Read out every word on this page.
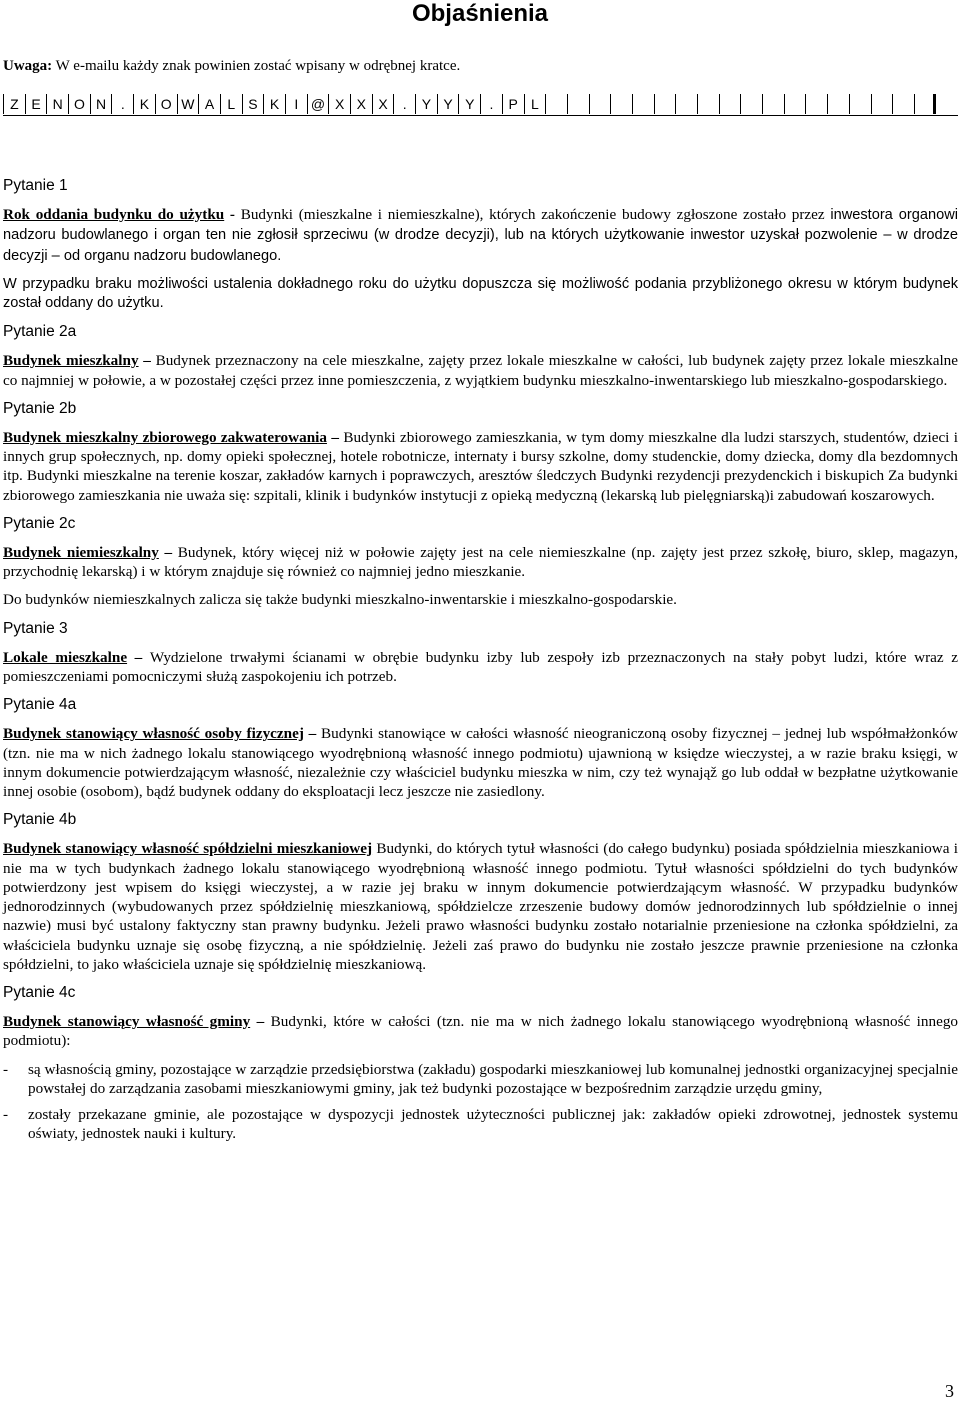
Objaśnienia
Uwaga: W e-mailu każdy znak powinien zostać wpisany w odrębnej kratce.
Z E N O N	.	K O W A L S K	I @ X X X	.	Y Y Y	.	P L

Pytanie 1

Rok oddania budynku do użytku - Budynki (mieszkalne i niemieszkalne), których zakończenie budowy zgłoszone zostało przez inwestora organowi nadzoru budowlanego i organ ten nie zgłosił sprzeciwu (w drodze decyzji), lub na których użytkowanie inwestor uzyskał pozwolenie – w drodze decyzji – od organu nadzoru budowlanego.

W przypadku braku możliwości ustalenia dokładnego roku do użytku dopuszcza się możliwość podania przybliżonego okresu w którym budynek został oddany do użytku.

Pytanie 2a

Budynek mieszkalny – Budynek przeznaczony na cele mieszkalne, zajęty przez lokale mieszkalne w całości, lub budynek zajęty przez lokale mieszkalne co najmniej w połowie, a w pozostałej części przez inne pomieszczenia, z wyjątkiem budynku mieszkalno-inwentarskiego lub mieszkalno-gospodarskiego.

Pytanie 2b

Budynek mieszkalny zbiorowego zakwaterowania – Budynki zbiorowego zamieszkania, w tym domy mieszkalne dla ludzi starszych, studentów, dzieci i innych grup społecznych, np. domy opieki społecznej, hotele robotnicze, internaty i bursy szkolne, domy studenckie, domy dziecka, domy dla bezdomnych itp. Budynki mieszkalne na terenie koszar, zakładów karnych i poprawczych, aresztów śledczych Budynki rezydencji prezydenckich i biskupich Za budynki zbiorowego zamieszkania nie uważa się: szpitali, klinik i budynków instytucji z opieką medyczną (lekarską lub pielęgniarską)i zabudowań koszarowych.

Pytanie 2c

Budynek niemieszkalny – Budynek, który więcej niż w połowie zajęty jest na cele niemieszkalne (np. zajęty jest przez szkołę, biuro, sklep, magazyn, przychodnię lekarską) i w którym znajduje się również co najmniej jedno mieszkanie.

Do budynków niemieszkalnych zalicza się także budynki mieszkalno-inwentarskie i mieszkalno-gospodarskie.

Pytanie 3

Lokale mieszkalne – Wydzielone trwałymi ścianami w obrębie budynku izby lub zespoły izb przeznaczonych na stały pobyt ludzi, które wraz z pomieszczeniami pomocniczymi służą zaspokojeniu ich potrzeb.

Pytanie 4a

Budynek stanowiący własność osoby fizycznej – Budynki stanowiące w całości własność nieograniczoną osoby fizycznej – jednej lub współmałżonków (tzn. nie ma w nich żadnego lokalu stanowiącego wyodrębnioną własność innego podmiotu) ujawnioną w księdze wieczystej, a w razie braku księgi, w innym dokumencie potwierdzającym własność, niezależnie czy właściciel budynku mieszka w nim, czy też wynająž go lub oddał w bezpłatne użytkowanie innej osobie (osobom), bądź budynek oddany do eksploatacji lecz jeszcze nie zasiedlony.

Pytanie 4b

Budynek stanowiący własność spółdzielni mieszkaniowej Budynki, do których tytuł własności (do całego budynku) posiada spółdzielnia mieszkaniowa i nie ma w tych budynkach żadnego lokalu stanowiącego wyodrębnioną własność innego podmiotu. Tytuł własności spółdzielni do tych budynków potwierdzony jest wpisem do księgi wieczystej, a w razie jej braku w innym dokumencie potwierdzającym własność. W przypadku budynków jednorodzinnych (wybudowanych przez spółdzielnię mieszkaniową, spółdzielcze zrzeszenie budowy domów jednorodzinnych lub spółdzielnie o innej nazwie) musi być ustalony faktyczny stan prawny budynku. Jeżeli prawo własności budynku zostało notarialnie przeniesione na członka spółdzielni, za właściciela budynku uznaje się osobę fizyczną, a nie spółdzielnię. Jeżeli zaś prawo do budynku nie zostało jeszcze prawnie przeniesione na członka spółdzielni, to jako właściciela uznaje się spółdzielnię mieszkaniową.

Pytanie 4c

Budynek stanowiący własność gminy – Budynki, które w całości (tzn. nie ma w nich żadnego lokalu stanowiącego wyodrębnioną własność innego podmiotu):

-	są własnością gminy, pozostające w zarządzie przedsiębiorstwa (zakładu) gospodarki mieszkaniowej lub komunalnej jednostki organizacyjnej specjalnie powstałej do zarządzania zasobami mieszkaniowymi gminy, jak też budynki pozostające w bezpośrednim zarządzie urzędu gminy,
-	zostały przekazane gminie, ale pozostające w dyspozycji jednostek użyteczności publicznej jak: zakładów opieki zdrowotnej, jednostek systemu oświaty, jednostek nauki i kultury.
3
